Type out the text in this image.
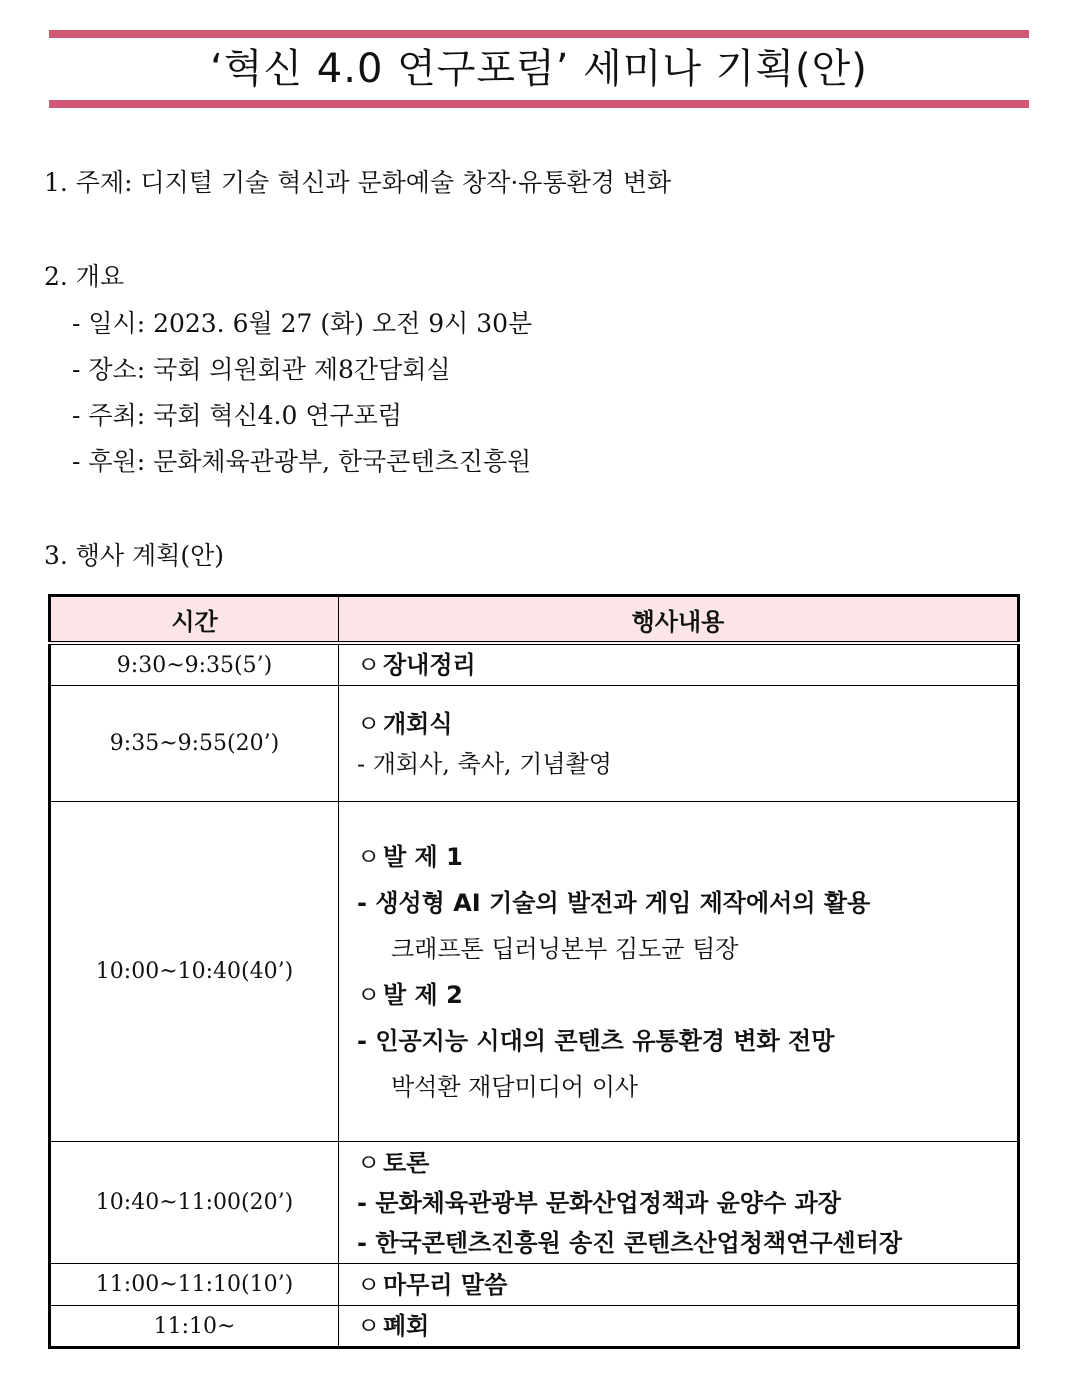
‘혁신 4.0 연구포럼’ 세미나 기획(안)
1. 주제: 디지털 기술 혁신과 문화예술 창작·유통환경 변화
2. 개요
- 일시: 2023. 6월 27 (화) 오전 9시 30분
- 장소: 국회 의원회관 제8간담회실
- 주최: 국회 혁신4.0 연구포럼
- 후원: 문화체육관광부, 한국콘텐츠진흥원
3. 행사 계획(안)
시간	행사내용
9:30~9:35(5’)	ㅇ 장내정리

9:35~9:55(20’)	ㅇ 개회식
- 개회사, 축사, 기념촬영

10:00~10:40(40’)	
ㅇ 발 제 1
- 생성형 AI 기술의 발전과 게임 제작에서의 활용
크래프톤 딥러닝본부 김도균 팀장
ㅇ 발 제 2
- 인공지능 시대의 콘텐츠 유통환경 변화 전망
박석환 재담미디어 이사

10:40~11:00(20’)	ㅇ 토론
- 문화체육관광부 문화산업정책과 윤양수 과장
- 한국콘텐츠진흥원 송진 콘텐츠산업청책연구센터장

11:00~11:10(10’)	ㅇ 마무리 말씀

11:10~	ㅇ 폐회
